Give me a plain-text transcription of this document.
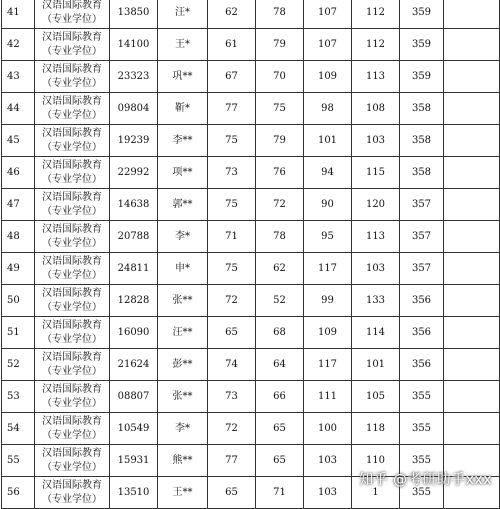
41	汉语国际教育
（专业学位）	13850	汪*	62	78	107	112	359	
42	汉语国际教育
（专业学位）	14100	王*	61	79	107	112	359	
43	汉语国际教育
（专业学位）	23323	巩**	67	70	109	113	359	
44	汉语国际教育
（专业学位）	09804	靳*	77	75	98	108	358	
45	汉语国际教育
（专业学位）	19239	李**	75	79	101	103	358	
46	汉语国际教育
（专业学位）	22992	项**	73	76	94	115	358	
47	汉语国际教育
（专业学位）	14638	郭**	75	72	90	120	357	
48	汉语国际教育
（专业学位）	20788	李*	71	78	95	113	357	
49	汉语国际教育
（专业学位）	24811	申*	75	62	117	103	357	
50	汉语国际教育
（专业学位）	12828	张**	72	52	99	133	356	
51	汉语国际教育
（专业学位）	16090	汪**	65	68	109	114	356	
52	汉语国际教育
（专业学位）	21624	彭**	74	64	117	101	356	
53	汉语国际教育
（专业学位）	08807	张**	73	66	111	105	355	
54	汉语国际教育
（专业学位）	10549	李*	72	65	100	118	355	
55	汉语国际教育
（专业学位）	15931	熊**	77	65	103	110	355	
56	汉语国际教育
（专业学位）	13510	王**	65	71	103	1	355	
知乎 @考研助手xxx
